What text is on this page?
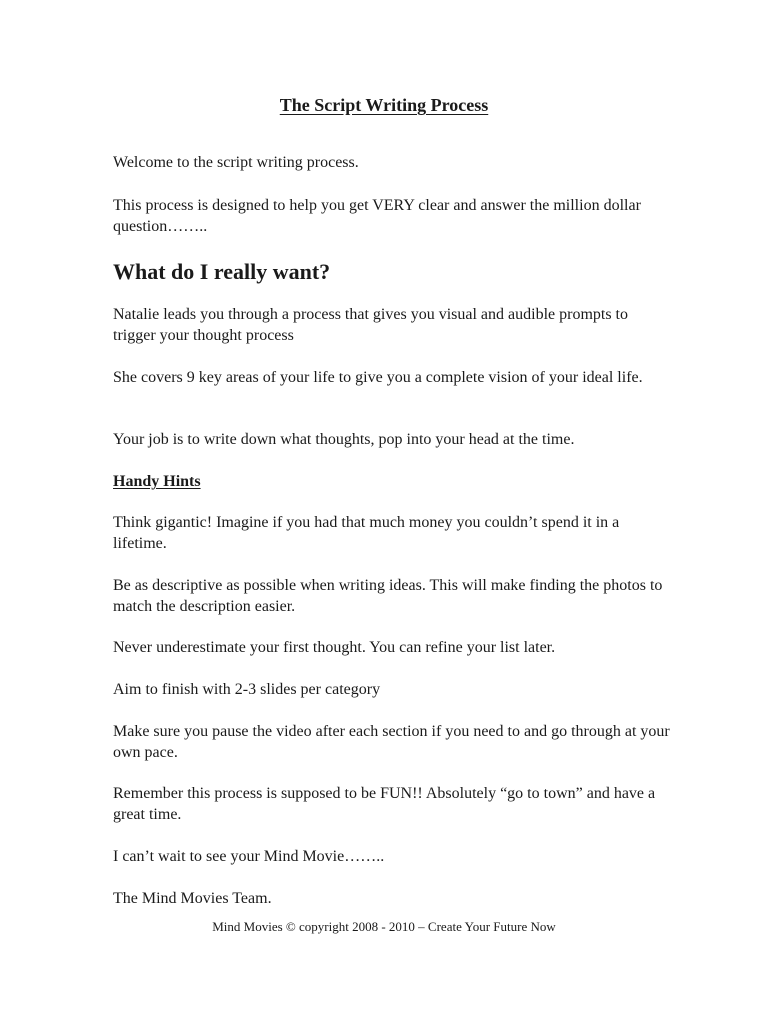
The Script Writing Process

Welcome to the script writing process.

This process is designed to help you get VERY clear and answer the million dollar question……..

What do I really want?

Natalie leads you through a process that gives you visual and audible prompts to trigger your thought process

She covers 9 key areas of your life to give you a complete vision of your ideal life.

Your job is to write down what thoughts, pop into your head at the time.

Handy Hints

Think gigantic! Imagine if you had that much money you couldn’t spend it in a lifetime.

Be as descriptive as possible when writing ideas. This will make finding the photos to match the description easier.

Never underestimate your first thought. You can refine your list later.

Aim to finish with 2-3 slides per category

Make sure you pause the video after each section if you need to and go through at your own pace.

Remember this process is supposed to be FUN!! Absolutely “go to town” and have a great time.

I can’t wait to see your Mind Movie……..

The Mind Movies Team.

Mind Movies © copyright 2008 - 2010 – Create Your Future Now
